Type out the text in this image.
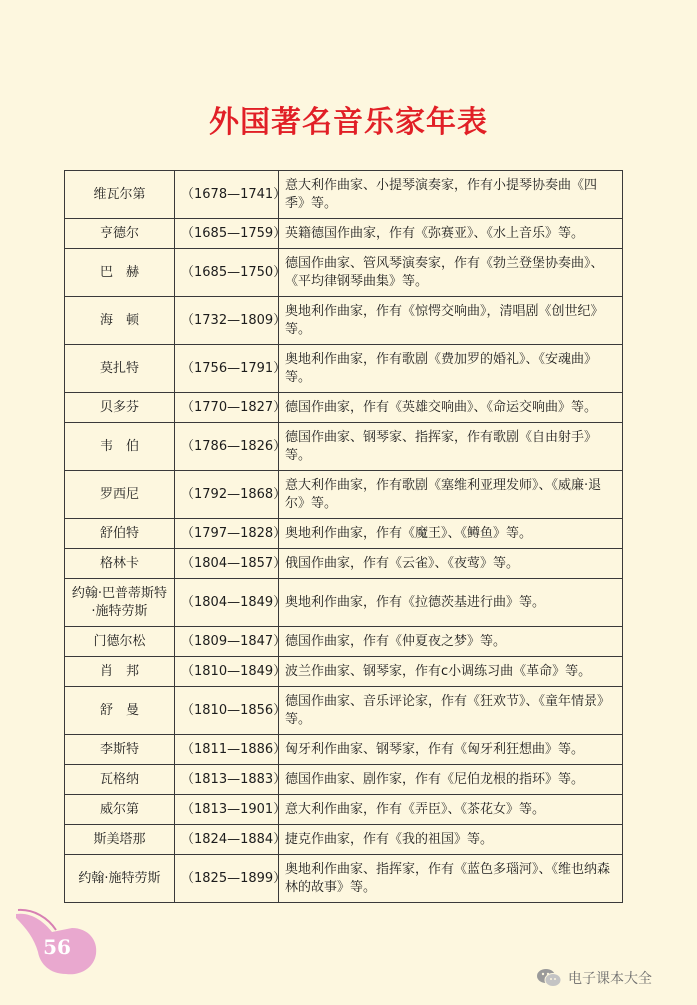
外国著名音乐家年表
维瓦尔第	（1678—1741）	意大利作曲家、小提琴演奏家，作有小提琴协奏曲《四季》等。
亨德尔	（1685—1759）	英籍德国作曲家，作有《弥赛亚》、《水上音乐》等。
巴　赫	（1685—1750）	德国作曲家、管风琴演奏家，作有《勃兰登堡协奏曲》、《平均律钢琴曲集》等。
海　顿	（1732—1809）	奥地利作曲家，作有《惊愕交响曲》，清唱剧《创世纪》等。
莫扎特	（1756—1791）	奥地利作曲家，作有歌剧《费加罗的婚礼》、《安魂曲》等。
贝多芬	（1770—1827）	德国作曲家，作有《英雄交响曲》、《命运交响曲》等。
韦　伯	（1786—1826）	德国作曲家、钢琴家、指挥家，作有歌剧《自由射手》等。
罗西尼	（1792—1868）	意大利作曲家，作有歌剧《塞维利亚理发师》、《威廉·退尔》等。
舒伯特	（1797—1828）	奥地利作曲家，作有《魔王》、《鳟鱼》等。
格林卡	（1804—1857）	俄国作曲家，作有《云雀》、《夜莺》等。
约翰·巴普蒂斯特·施特劳斯	（1804—1849）	奥地利作曲家，作有《拉德茨基进行曲》等。
门德尔松	（1809—1847）	德国作曲家，作有《仲夏夜之梦》等。
肖　邦	（1810—1849）	波兰作曲家、钢琴家，作有c小调练习曲《革命》等。
舒　曼	（1810—1856）	德国作曲家、音乐评论家，作有《狂欢节》、《童年情景》等。
李斯特	（1811—1886）	匈牙利作曲家、钢琴家，作有《匈牙利狂想曲》等。
瓦格纳	（1813—1883）	德国作曲家、剧作家，作有《尼伯龙根的指环》等。
威尔第	（1813—1901）	意大利作曲家，作有《弄臣》、《茶花女》等。
斯美塔那	（1824—1884）	捷克作曲家，作有《我的祖国》等。
约翰·施特劳斯	（1825—1899）	奥地利作曲家、指挥家，作有《蓝色多瑙河》、《维也纳森林的故事》等。
56
电子课本大全
